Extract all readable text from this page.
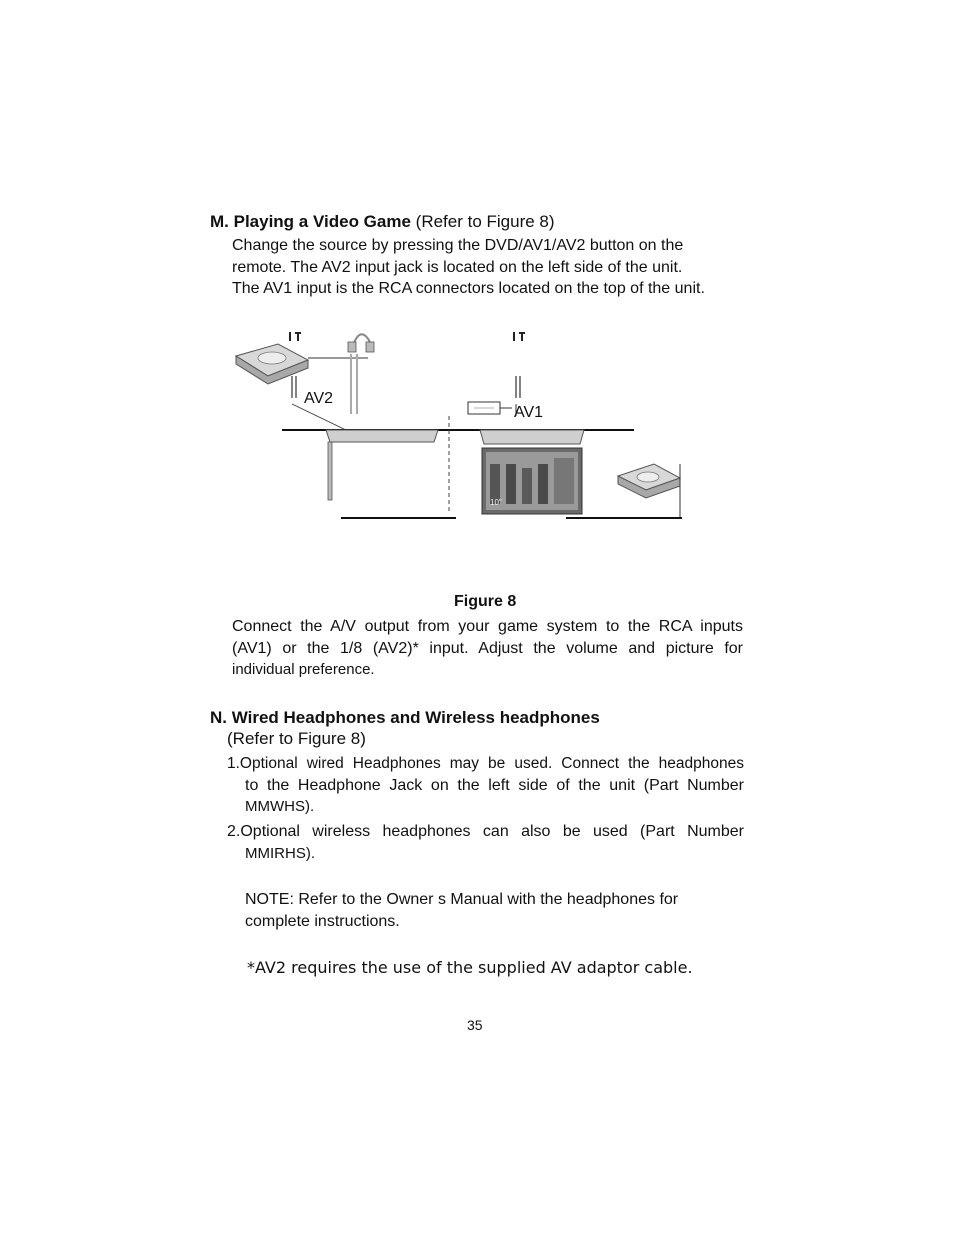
M. Playing a Video Game (Refer to Figure 8)
Change the source by pressing the DVD/AV1/AV2 button on the
remote. The AV2 input jack is located on the left side of the unit.
The AV1 input is the RCA connectors located on the top of the unit.
AV2
AV1
10"
Figure 8
Connect the A/V output from your game system to the RCA inputs
(AV1) or the 1/8 (AV2)* input. Adjust the volume and picture for
individual preference.
N. Wired Headphones and Wireless headphones
(Refer to Figure 8)
1.Optional wired Headphones may be used. Connect the headphones
to the Headphone Jack on the left side of the unit (Part Number
MMWHS).
2.Optional wireless headphones can also be used (Part Number
MMIRHS).
NOTE: Refer to the Owner s Manual with the headphones for
complete instructions.
*AV2 requires the use of the supplied AV adaptor cable.
35
